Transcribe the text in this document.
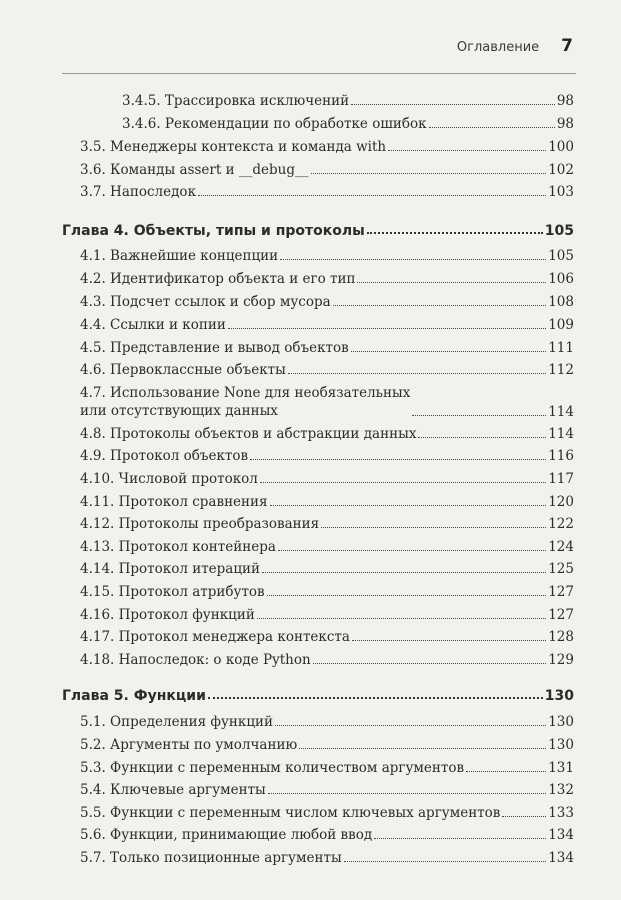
Оглавление 7
3.4.5. Трассировка исключений	98
3.4.6. Рекомендации по обработке ошибок	98
3.5. Менеджеры контекста и команда with	100
3.6. Команды assert и __debug__	102
3.7. Напоследок	103
Глава 4. Объекты, типы и протоколы	105
4.1. Важнейшие концепции	105
4.2. Идентификатор объекта и его тип	106
4.3. Подсчет ссылок и сбор мусора	108
4.4. Ссылки и копии	109
4.5. Представление и вывод объектов	111
4.6. Первоклассные объекты	112
4.7. Использование None для необязательных
или отсутствующих данных	114
4.8. Протоколы объектов и абстракции данных	114
4.9. Протокол объектов	116
4.10. Числовой протокол	117
4.11. Протокол сравнения	120
4.12. Протоколы преобразования	122
4.13. Протокол контейнера	124
4.14. Протокол итераций	125
4.15. Протокол атрибутов	127
4.16. Протокол функций	127
4.17. Протокол менеджера контекста	128
4.18. Напоследок: о коде Python	129
Глава 5. Функции	130
5.1. Определения функций	130
5.2. Аргументы по умолчанию	130
5.3. Функции с переменным количеством аргументов	131
5.4. Ключевые аргументы	132
5.5. Функции с переменным числом ключевых аргументов	133
5.6. Функции, принимающие любой ввод	134
5.7. Только позиционные аргументы	134
